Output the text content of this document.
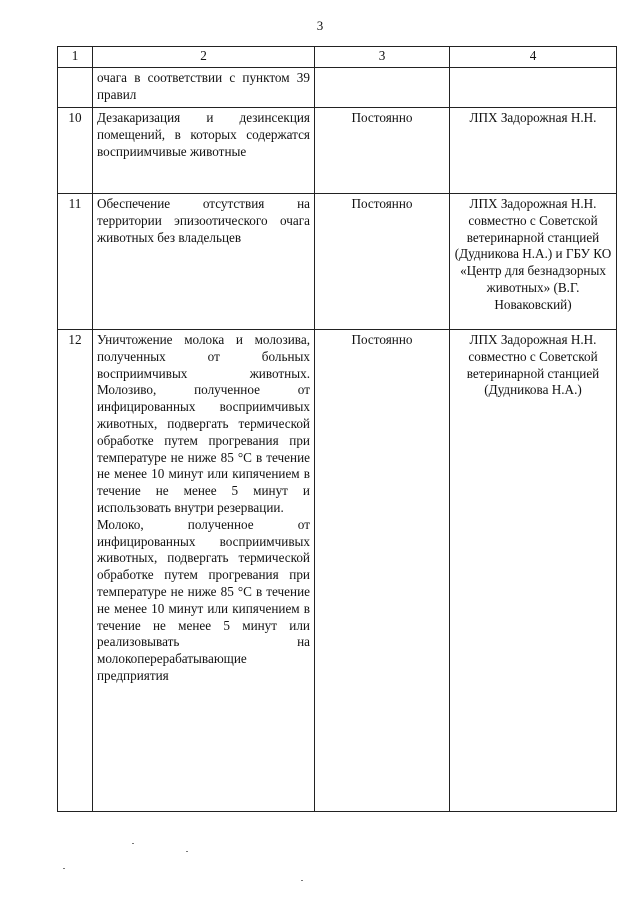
3
1	2	3	4

	очага в соответствии с пунктом 39 правил		

10	Дезакаризация и дезинсекция помещений, в которых содержатся восприимчивые животные	Постоянно	ЛПХ Задорожная Н.Н.
11	Обеспечение отсутствия на территории эпизоотического очага животных без владельцев	Постоянно	ЛПХ Задорожная Н.Н. совместно с Советской ветеринарной станцией (Дудникова Н.А.) и ГБУ КО «Центр для безнадзорных животных» (В.Г. Новаковский)
12	Уничтожение молока и молозива, полученных от больных восприимчивых животных. Молозиво, полученное от инфицированных восприимчивых животных, подвергать термической обработке путем прогревания при температуре не ниже 85 °С в течение не менее 10 минут или кипячением в течение не менее 5 минут и использовать внутри резервации.
Молоко, полученное от инфицированных восприимчивых животных, подвергать термической обработке путем прогревания при температуре не ниже 85 °С в течение не менее 10 минут или кипячением в течение не менее 5 минут или реализовывать на молокоперерабатывающие предприятия	Постоянно	ЛПХ Задорожная Н.Н. совместно с Советской ветеринарной станцией (Дудникова Н.А.)
